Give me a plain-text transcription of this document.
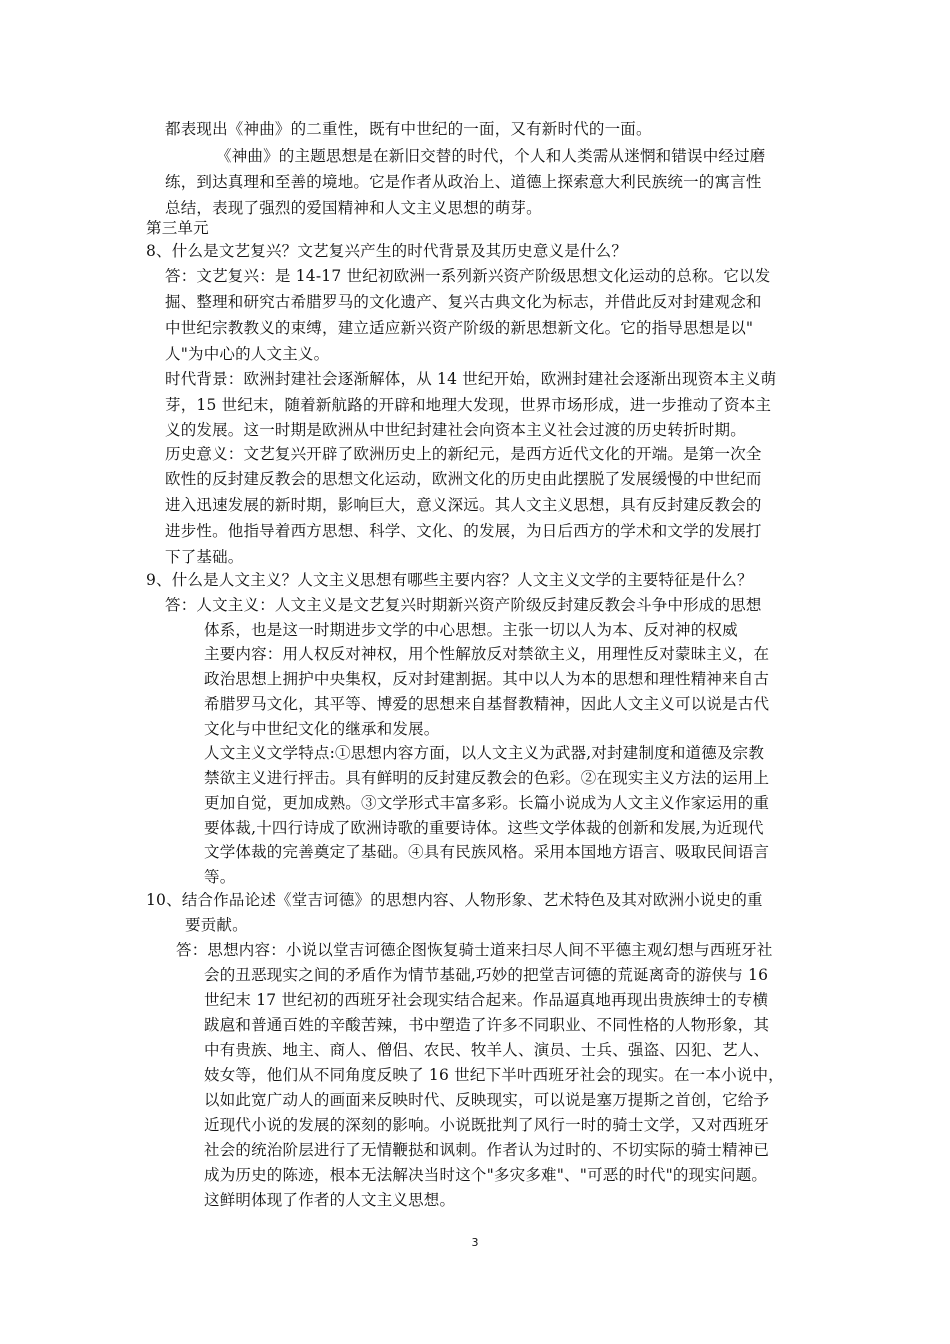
都表现出《神曲》的二重性，既有中世纪的一面，又有新时代的一面。

《神曲》的主题思想是在新旧交替的时代，个人和人类需从迷惘和错误中经过磨

练，到达真理和至善的境地。它是作者从政治上、道德上探索意大利民族统一的寓言性

总结，表现了强烈的爱国精神和人文主义思想的萌芽。

第三单元

8、什么是文艺复兴？文艺复兴产生的时代背景及其历史意义是什么？

答：文艺复兴：是 14-17 世纪初欧洲一系列新兴资产阶级思想文化运动的总称。它以发

掘、整理和研究古希腊罗马的文化遗产、复兴古典文化为标志，并借此反对封建观念和

中世纪宗教教义的束缚，建立适应新兴资产阶级的新思想新文化。它的指导思想是以"

人"为中心的人文主义。

时代背景：欧洲封建社会逐渐解体，从 14 世纪开始，欧洲封建社会逐渐出现资本主义萌

芽，15 世纪末，随着新航路的开辟和地理大发现，世界市场形成，进一步推动了资本主

义的发展。这一时期是欧洲从中世纪封建社会向资本主义社会过渡的历史转折时期。

历史意义：文艺复兴开辟了欧洲历史上的新纪元，是西方近代文化的开端。是第一次全

欧性的反封建反教会的思想文化运动，欧洲文化的历史由此摆脱了发展缓慢的中世纪而

进入迅速发展的新时期，影响巨大，意义深远。其人文主义思想，具有反封建反教会的

进步性。他指导着西方思想、科学、文化、的发展，为日后西方的学术和文学的发展打

下了基础。

9、什么是人文主义？人文主义思想有哪些主要内容？人文主义文学的主要特征是什么？

答：人文主义：人文主义是文艺复兴时期新兴资产阶级反封建反教会斗争中形成的思想

体系，也是这一时期进步文学的中心思想。主张一切以人为本、反对神的权威

主要内容：用人权反对神权，用个性解放反对禁欲主义，用理性反对蒙昧主义，在

政治思想上拥护中央集权，反对封建割据。其中以人为本的思想和理性精神来自古

希腊罗马文化，其平等、博爱的思想来自基督教精神，因此人文主义可以说是古代

文化与中世纪文化的继承和发展。

人文主义文学特点:①思想内容方面，以人文主义为武器,对封建制度和道德及宗教

禁欲主义进行抨击。具有鲜明的反封建反教会的色彩。②在现实主义方法的运用上

更加自觉，更加成熟。③文学形式丰富多彩。长篇小说成为人文主义作家运用的重

要体裁,十四行诗成了欧洲诗歌的重要诗体。这些文学体裁的创新和发展,为近现代

文学体裁的完善奠定了基础。④具有民族风格。采用本国地方语言、吸取民间语言

等。

10、结合作品论述《堂吉诃德》的思想内容、人物形象、艺术特色及其对欧洲小说史的重

要贡献。

答：思想内容：小说以堂吉诃德企图恢复骑士道来扫尽人间不平德主观幻想与西班牙社

会的丑恶现实之间的矛盾作为情节基础,巧妙的把堂吉诃德的荒诞离奇的游侠与 16

世纪末 17 世纪初的西班牙社会现实结合起来。作品逼真地再现出贵族绅士的专横

跋扈和普通百姓的辛酸苦辣，书中塑造了许多不同职业、不同性格的人物形象，其

中有贵族、地主、商人、僧侣、农民、牧羊人、演员、士兵、强盗、囚犯、艺人、

妓女等，他们从不同角度反映了 16 世纪下半叶西班牙社会的现实。在一本小说中，

以如此宽广动人的画面来反映时代、反映现实，可以说是塞万提斯之首创，它给予

近现代小说的发展的深刻的影响。小说既批判了风行一时的骑士文学，又对西班牙

社会的统治阶层进行了无情鞭挞和讽刺。作者认为过时的、不切实际的骑士精神已

成为历史的陈迹，根本无法解决当时这个"多灾多难"、"可恶的时代"的现实问题。

这鲜明体现了作者的人文主义思想。

3
